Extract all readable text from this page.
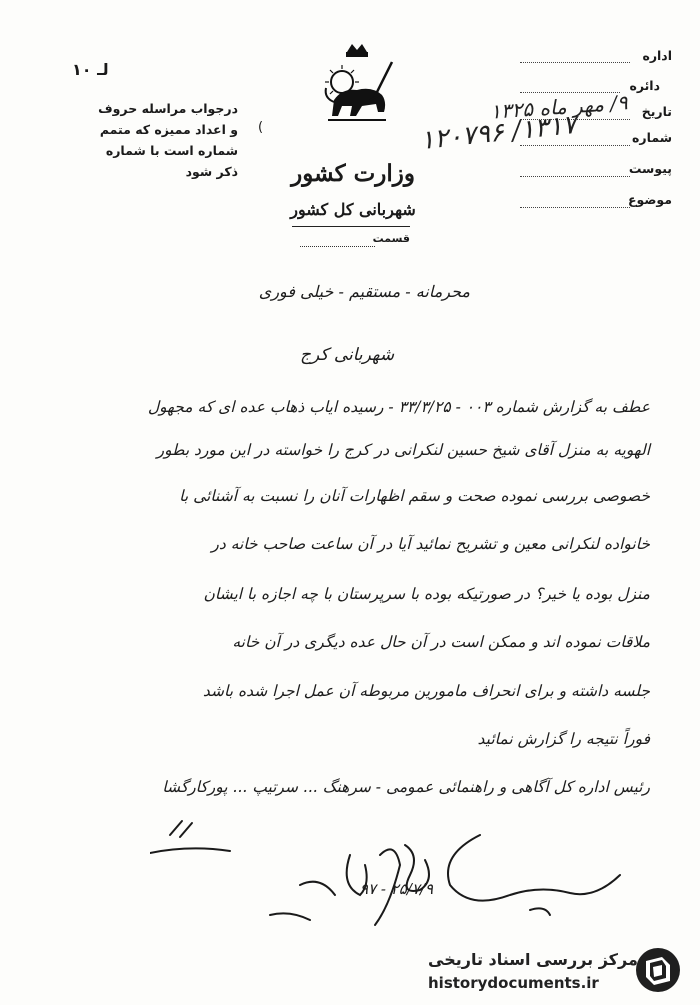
لـ ۱۰
درجواب مراسله حروف و اعداد ممیزه که متمم شماره است با شماره ذکر شود
(
وزارت کشور
شهربانی کل کشور
قسمت
اداره
دائره
تاریخ
شماره
پیوست
موضوع
۹/ مهر ماه ۱۳۲۵
۱۳۱۷/ ۱۲۰۷۹۶
محرمانه - مستقیم - خیلی فوری
شهربانی کرج
عطف به گزارش شماره ۰۰۳ - ۳۳/۳/۲۵ - رسیده ایاب ذهاب عده ای که مجهول
الهویه به منزل آقای شیخ حسین لنکرانی در کرج را خواسته در این مورد بطور
خصوصی بررسی نموده صحت و سقم اظهارات آنان را نسبت به آشنائی با
خانواده لنکرانی معین و تشریح نمائید آیا در آن ساعت صاحب خانه در
منزل بوده یا خیر؟ در صورتیکه بوده با سرپرستان با چه اجازه با ایشان
ملاقات نموده اند و ممکن است در آن حال عده دیگری در آن خانه
جلسه داشته و برای انحراف مامورین مربوطه آن عمل اجرا شده باشد
فوراً نتیجه را گزارش نمائید
رئیس اداره کل آگاهی و راهنمائی عمومی - سرهنگ ... سرتیپ ... پورکارگشا
۲۵/۷/۹ - ۹۷
مرکز بررسی اسناد تاریخی
historydocuments.ir
